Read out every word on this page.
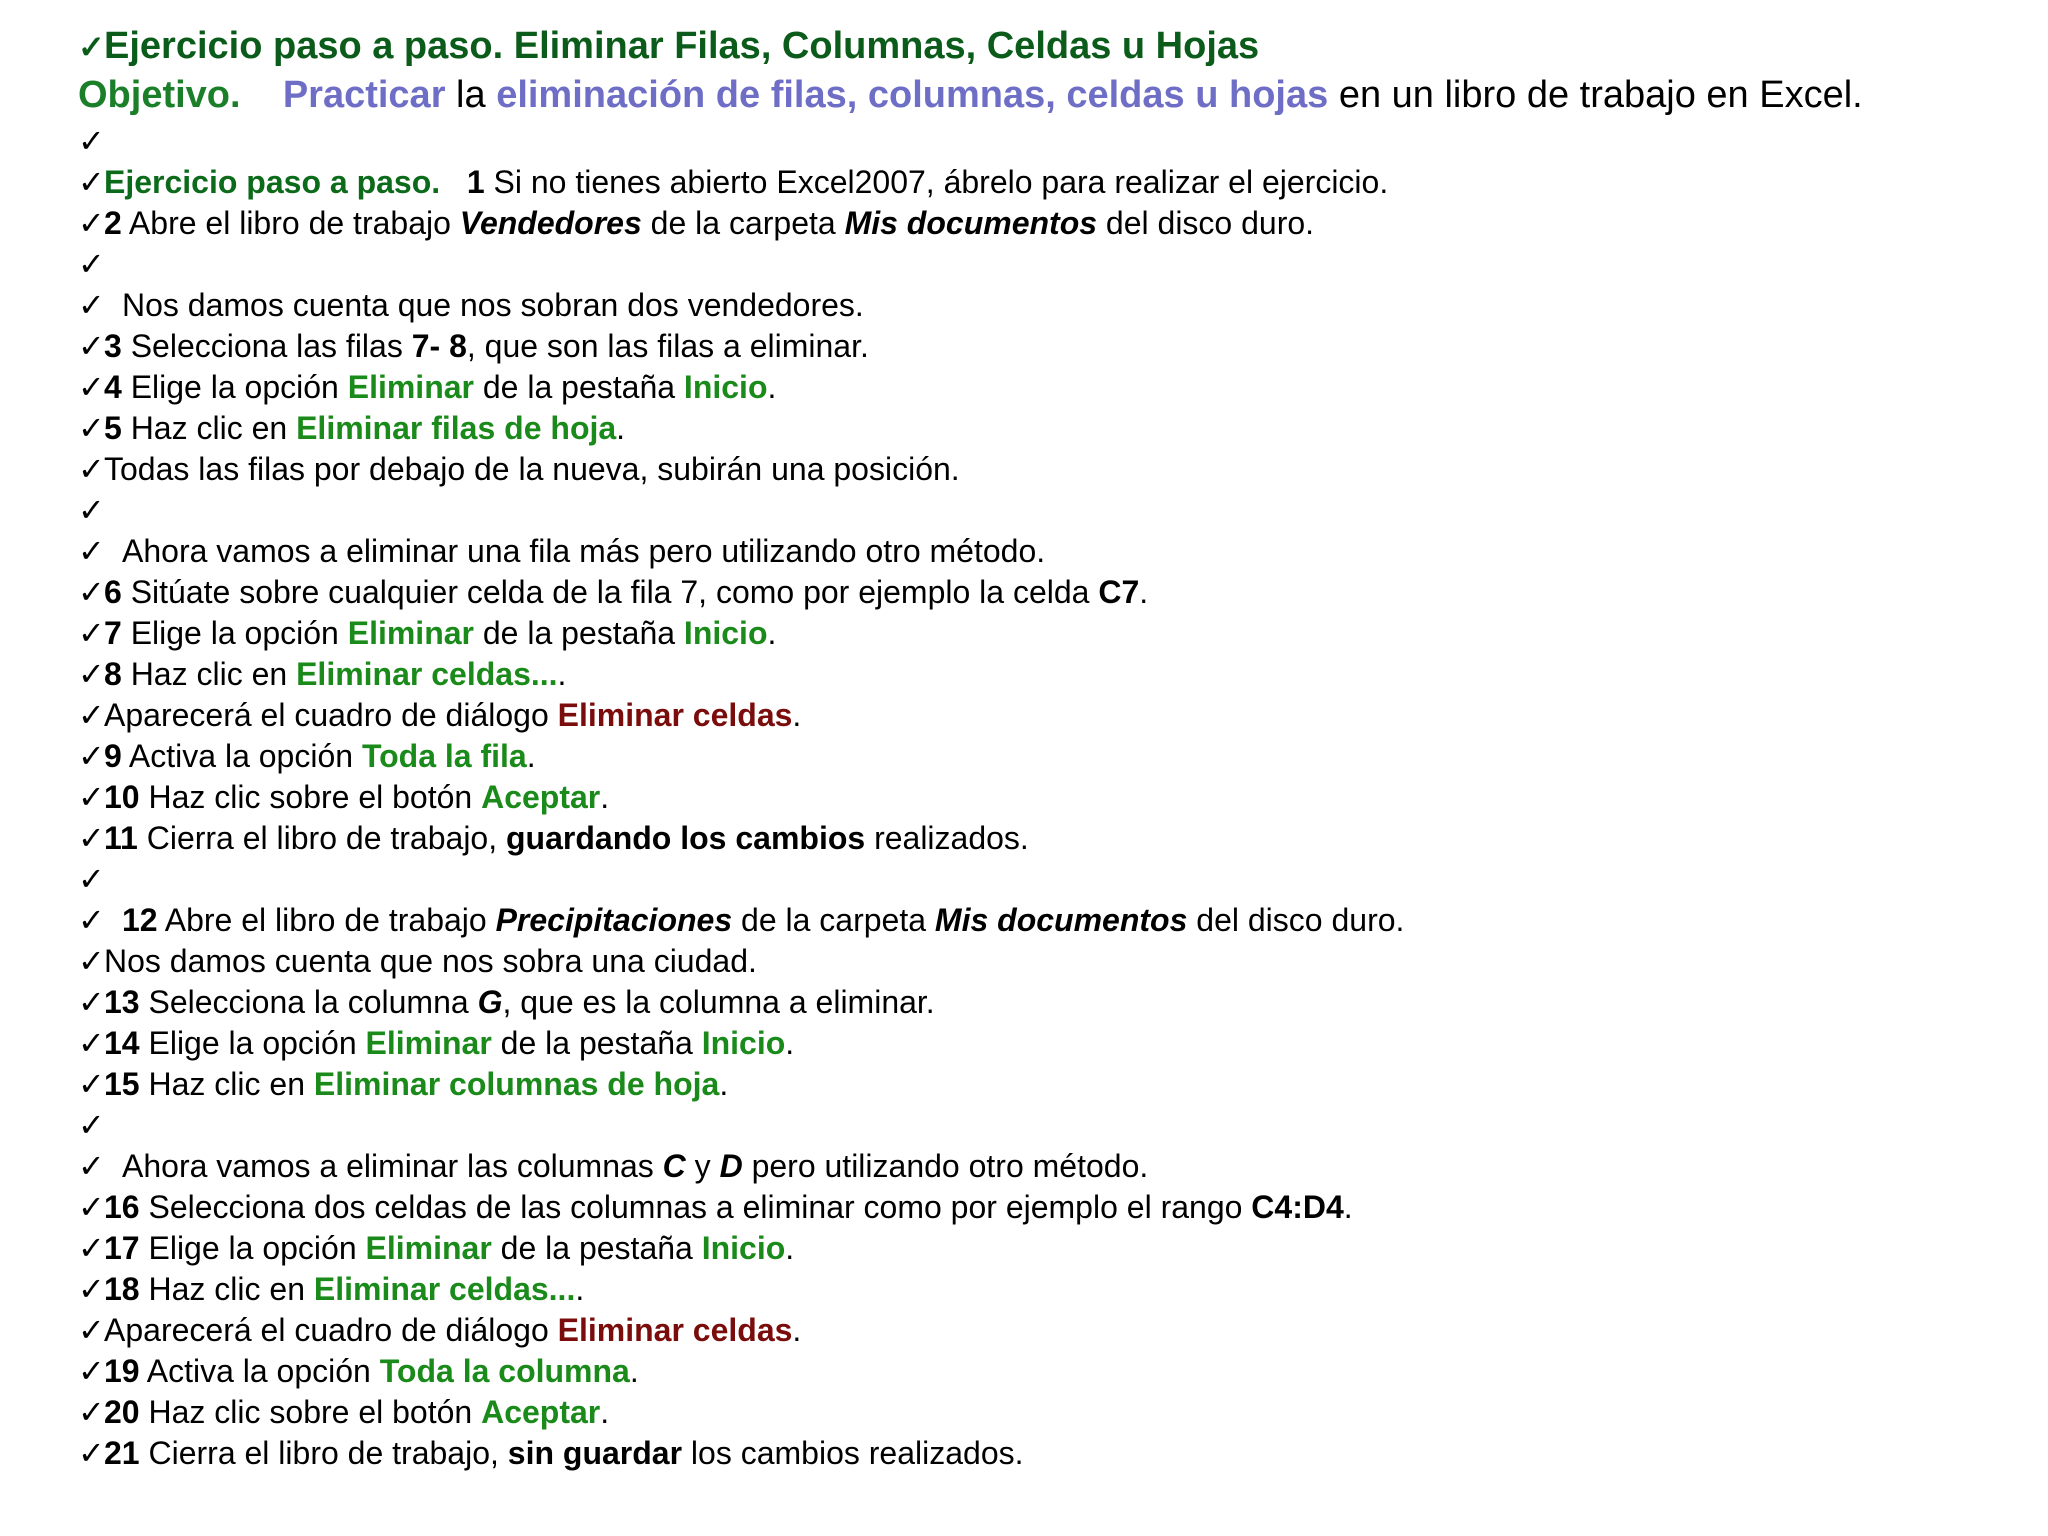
✓Ejercicio paso a paso. Eliminar Filas, Columnas, Celdas u Hojas
Objetivo. Practicar la eliminación de filas, columnas, celdas u hojas en un libro de trabajo en Excel.
✓
✓Ejercicio paso a paso. 1 Si no tienes abierto Excel2007, ábrelo para realizar el ejercicio.
✓2 Abre el libro de trabajo Vendedores de la carpeta Mis documentos del disco duro.
✓
✓ Nos damos cuenta que nos sobran dos vendedores.
✓3 Selecciona las filas 7- 8, que son las filas a eliminar.
✓4 Elige la opción Eliminar de la pestaña Inicio.
✓5 Haz clic en Eliminar filas de hoja.
✓Todas las filas por debajo de la nueva, subirán una posición.
✓
✓ Ahora vamos a eliminar una fila más pero utilizando otro método.
✓6 Sitúate sobre cualquier celda de la fila 7, como por ejemplo la celda C7.
✓7 Elige la opción Eliminar de la pestaña Inicio.
✓8 Haz clic en Eliminar celdas....
✓Aparecerá el cuadro de diálogo Eliminar celdas.
✓9 Activa la opción Toda la fila.
✓10 Haz clic sobre el botón Aceptar.
✓11 Cierra el libro de trabajo, guardando los cambios realizados.
✓
✓ 12 Abre el libro de trabajo Precipitaciones de la carpeta Mis documentos del disco duro.
✓Nos damos cuenta que nos sobra una ciudad.
✓13 Selecciona la columna G, que es la columna a eliminar.
✓14 Elige la opción Eliminar de la pestaña Inicio.
✓15 Haz clic en Eliminar columnas de hoja.
✓
✓ Ahora vamos a eliminar las columnas C y D pero utilizando otro método.
✓16 Selecciona dos celdas de las columnas a eliminar como por ejemplo el rango C4:D4.
✓17 Elige la opción Eliminar de la pestaña Inicio.
✓18 Haz clic en Eliminar celdas....
✓Aparecerá el cuadro de diálogo Eliminar celdas.
✓19 Activa la opción Toda la columna.
✓20 Haz clic sobre el botón Aceptar.
✓21 Cierra el libro de trabajo, sin guardar los cambios realizados.
